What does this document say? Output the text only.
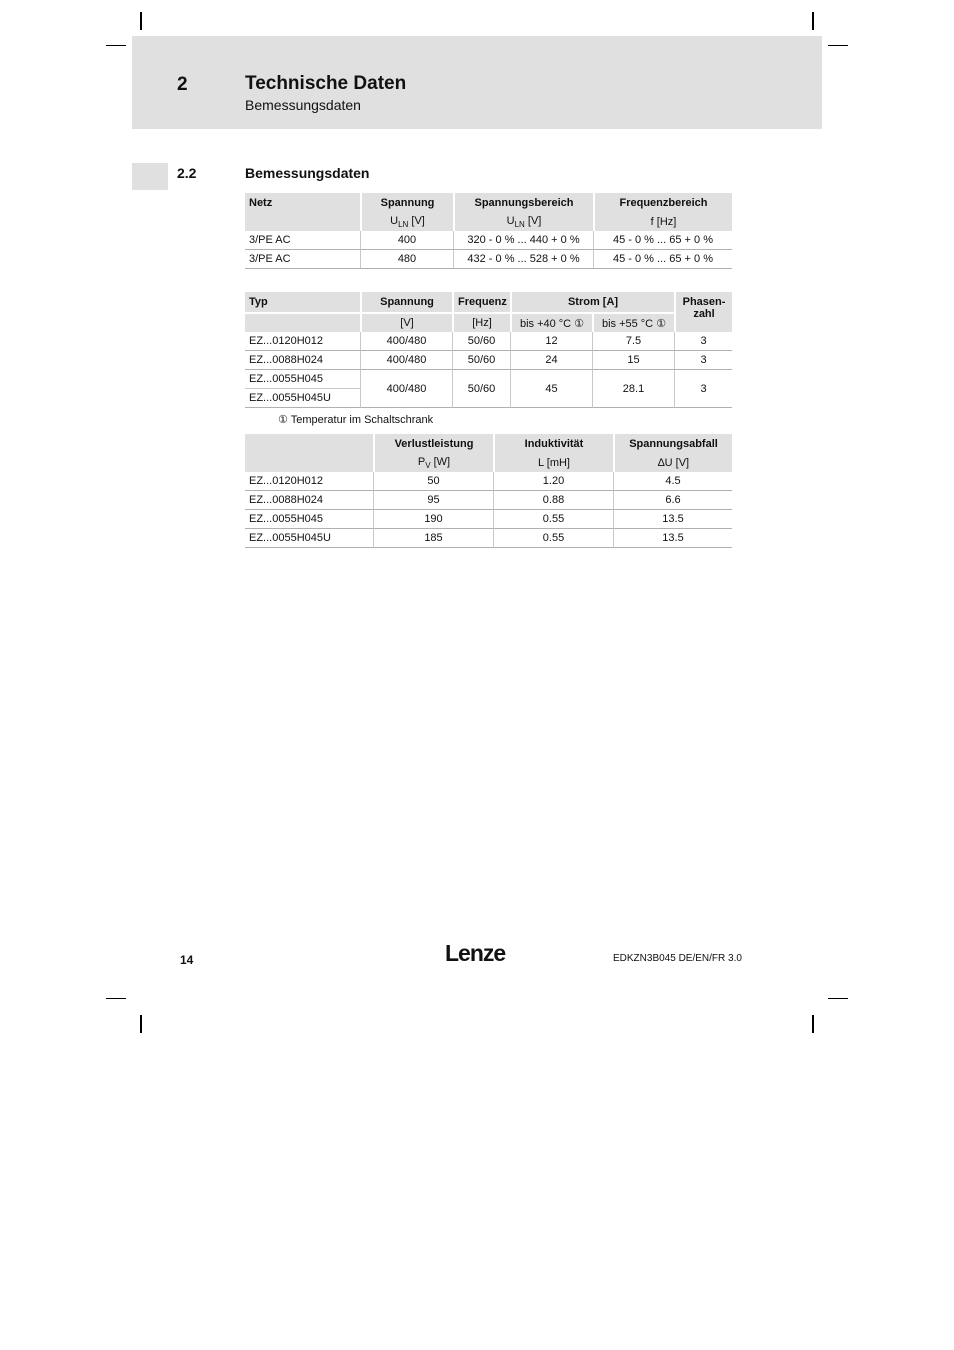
2	Technische Daten
Bemessungsdaten
2.2	Bemessungsdaten
Netz	Spannung	Spannungsbereich	Frequenzbereich
	$U_{LN}$ [V]	$U_{LN}$ [V]	f [Hz]
3/PE AC	400	320 - 0 % ... 440 + 0 %	45 - 0 % ... 65 + 0 %
3/PE AC	480	432 - 0 % ... 528 + 0 %	45 - 0 % ... 65 + 0 %
Typ	Spannung	Frequenz	Strom [A]		Phasen-
zahl
	[V]	[Hz]	bis +40 °C ①	bis +55 °C ①	
EZ...0120H012	400/480	50/60	12	7.5	3
EZ...0088H024	400/480	50/60	24	15	3
EZ...0055H045	400/480	50/60	45	28.1	3
EZ...0055H045U					
① Temperatur im Schaltschrank
	Verlustleistung	Induktivität	Spannungsabfall
	$P_V$ [W]	L [mH]	∆U [V]
EZ...0120H012	50	1.20	4.5
EZ...0088H024	95	0.88	6.6
EZ...0055H045	190	0.55	13.5
EZ...0055H045U	185	0.55	13.5
14	Lenze	EDKZN3B045 DE/EN/FR 3.0
